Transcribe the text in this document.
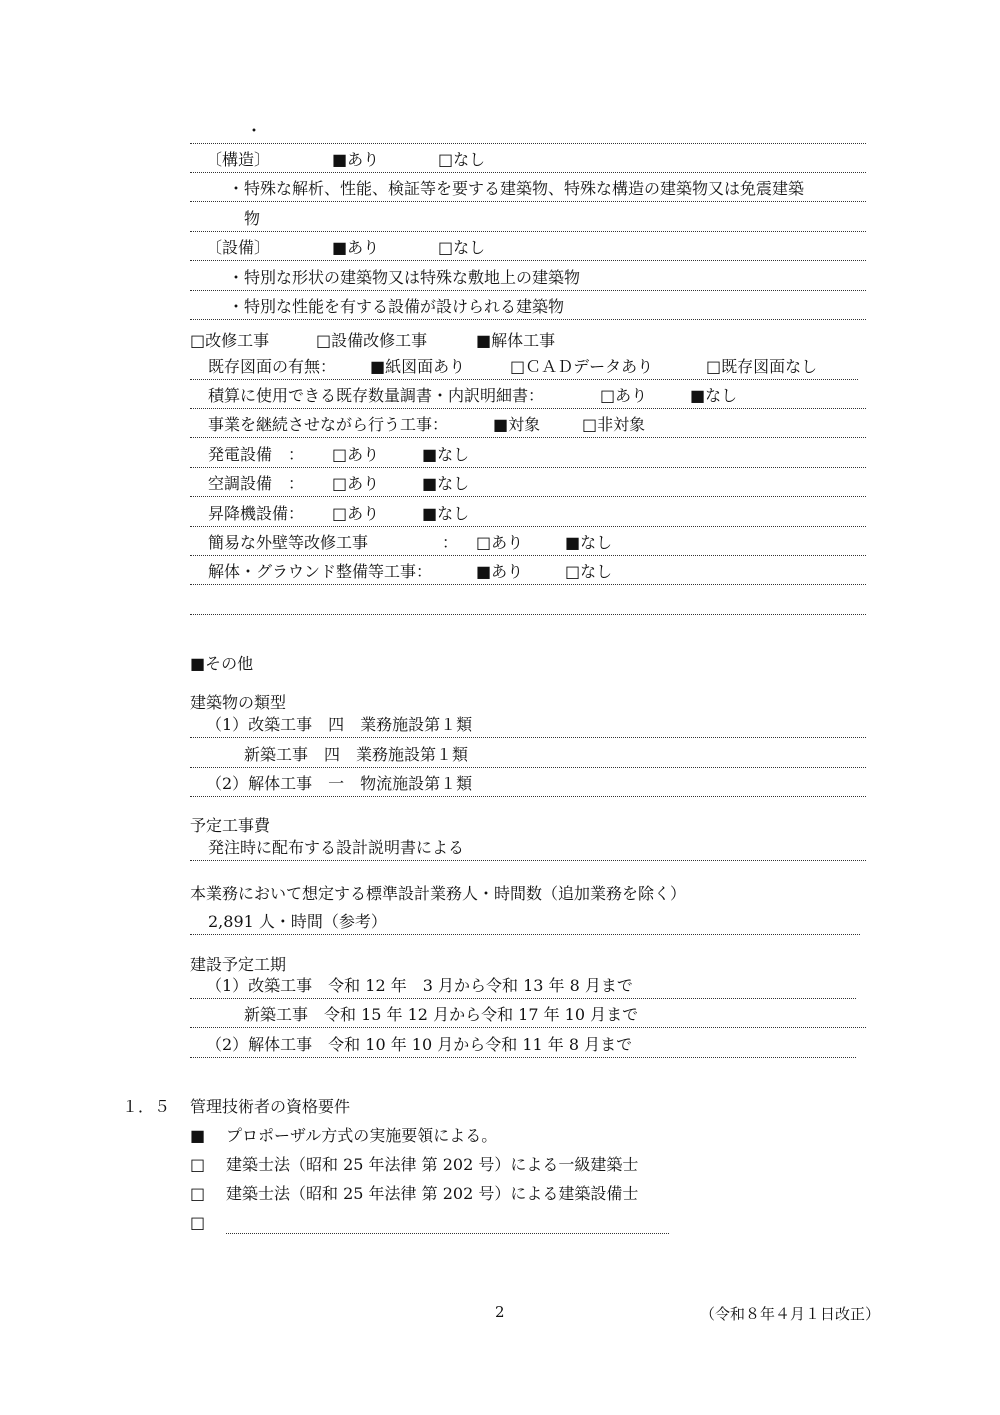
・
〔構造〕	■あり	□なし
・特殊な解析、性能、検証等を要する建築物、特殊な構造の建築物又は免震建築
物
〔設備〕	■あり	□なし
・特別な形状の建築物又は特殊な敷地上の建築物
・特別な性能を有する設備が設けられる建築物
□改修工事	□設備改修工事	■解体工事
既存図面の有無： ■紙図面あり	□ＣＡＤデータあり	□既存図面なし
積算に使用できる既存数量調書・内訳明細書：	□あり	■なし
事業を継続させながら行う工事：	■対象	□非対象
発電設備　： □あり	■なし
空調設備　： □あり	■なし
昇降機設備： □あり	■なし
簡易な外壁等改修工事	： □あり	■なし
解体・グラウンド整備等工事：	■あり	□なし
■その他
建築物の類型
（1）改築工事　四　業務施設第１類
新築工事　四　業務施設第１類
（2）解体工事　一　物流施設第１類
予定工事費
発注時に配布する設計説明書による
本業務において想定する標準設計業務人・時間数（追加業務を除く）
2,891 人・時間（参考）
建設予定工期
（1）改築工事　令和 12 年　3 月から令和 13 年 8 月まで
新築工事　令和 15 年 12 月から令和 17 年 10 月まで
（2）解体工事　令和 10 年 10 月から令和 11 年 8 月まで
１．５ 管理技術者の資格要件
■ プロポーザル方式の実施要領による。
□ 建築士法（昭和 25 年法律 第 202 号）による一級建築士
□ 建築士法（昭和 25 年法律 第 202 号）による建築設備士
□
2	（令和８年４月１日改正）
